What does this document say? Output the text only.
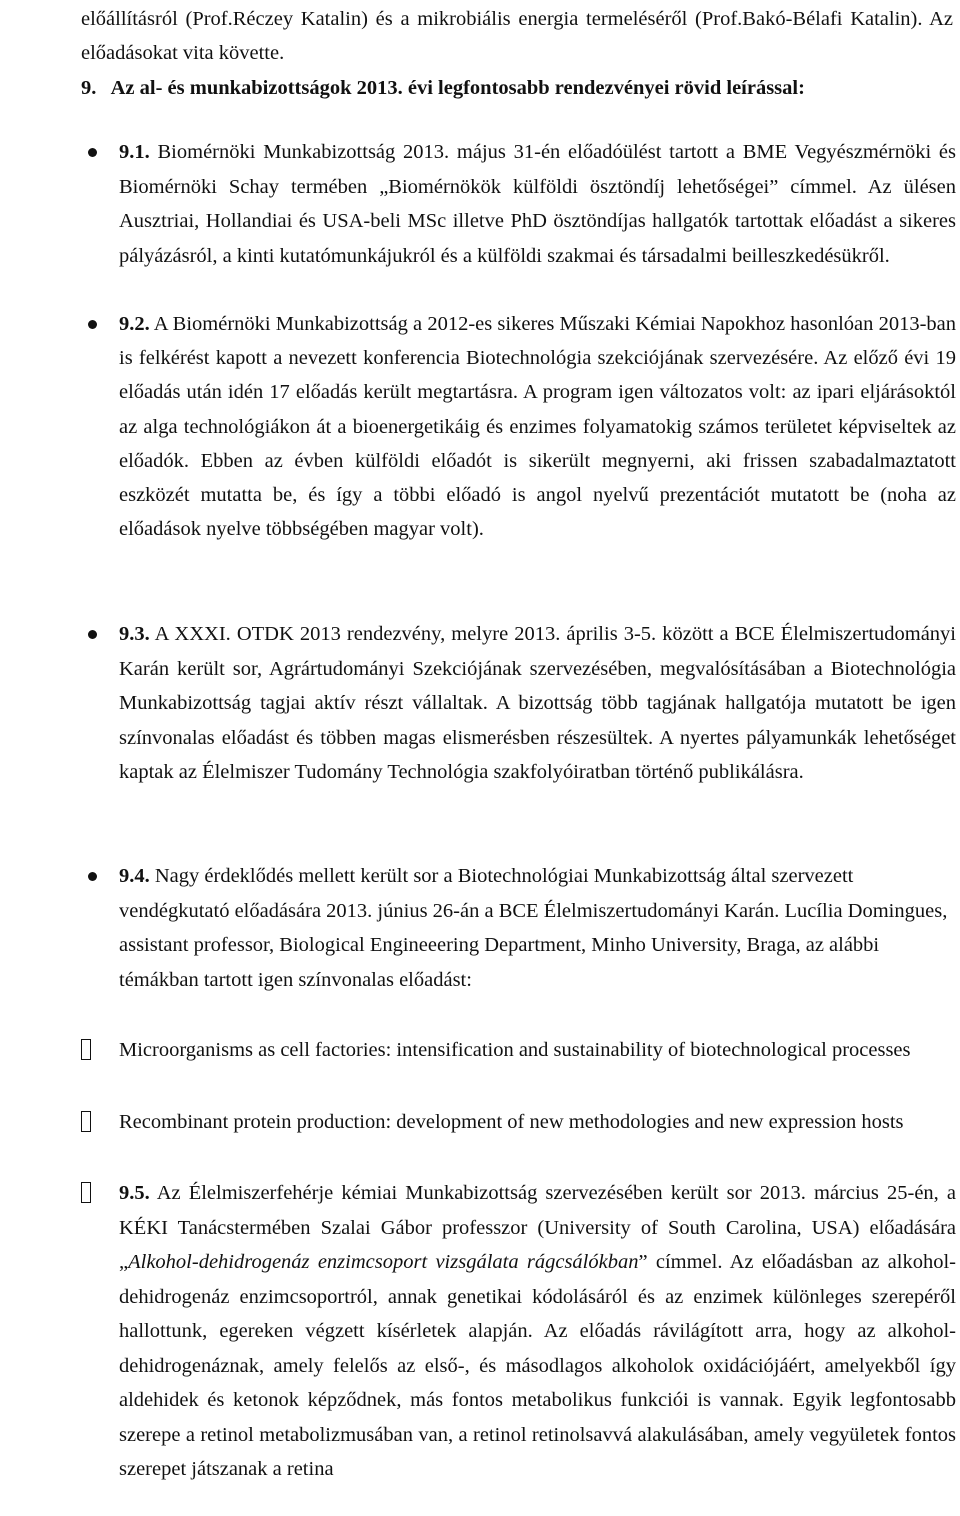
előállításról (Prof.Réczey Katalin) és a mikrobiális energia termeléséről (Prof.Bakó-Bélafi Katalin). Az előadásokat vita követte.

9.   Az al- és munkabizottságok 2013. évi legfontosabb rendezvényei rövid leírással:

9.1. Biomérnöki Munkabizottság 2013. május 31-én előadóülést tartott a BME Vegyészmérnöki és Biomérnöki Schay termében „Biomérnökök külföldi ösztöndíj lehetőségei” címmel. Az ülésen Ausztriai, Hollandiai és USA-beli MSc illetve PhD ösztöndíjas hallgatók tartottak előadást a sikeres pályázásról, a kinti kutatómunkájukról és a külföldi szakmai és társadalmi beilleszkedésükről.
9.2. A Biomérnöki Munkabizottság a 2012-es sikeres Műszaki Kémiai Napokhoz hasonlóan 2013-ban is felkérést kapott a nevezett konferencia Biotechnológia szekciójának szervezésére. Az előző évi 19 előadás után idén 17 előadás került megtartásra. A program igen változatos volt: az ipari eljárásoktól az alga technológiákon át a bioenergetikáig és enzimes folyamatokig számos területet képviseltek az előadók. Ebben az évben külföldi előadót is sikerült megnyerni, aki frissen szabadalmaztatott eszközét mutatta be, és így a többi előadó is angol nyelvű prezentációt mutatott be (noha az előadások nyelve többségében magyar volt).
9.3. A XXXI. OTDK 2013 rendezvény, melyre 2013. április 3-5. között a BCE Élelmiszertudományi Karán került sor, Agrártudományi Szekciójának szervezésében, megvalósításában a Biotechnológia Munkabizottság tagjai aktív részt vállaltak. A bizottság több tagjának hallgatója mutatott be igen színvonalas előadást és többen magas elismerésben részesültek. A nyertes pályamunkák lehetőséget kaptak az Élelmiszer Tudomány Technológia szakfolyóiratban történő publikálásra.
9.4. Nagy érdeklődés mellett került sor a Biotechnológiai Munkabizottság által szervezett vendégkutató előadására 2013. június 26-án a BCE Élelmiszertudományi Karán. Lucília Domingues, assistant professor, Biological Engineeering Department, Minho University, Braga, az alábbi témákban tartott igen színvonalas előadást:
Microorganisms as cell factories: intensification and sustainability of biotechnological processes
Recombinant protein production: development of new methodologies and new expression hosts
9.5. Az Élelmiszerfehérje kémiai Munkabizottság szervezésében került sor 2013. március 25-én, a KÉKI Tanácstermében Szalai Gábor professzor (University of South Carolina, USA) előadására „Alkohol-dehidrogenáz enzimcsoport vizsgálata rágcsálókban” címmel. Az előadásban az alkohol-dehidrogenáz enzimcsoportról, annak genetikai kódolásáról és az enzimek különleges szerepéről hallottunk, egereken végzett kísérletek alapján. Az előadás rávilágított arra, hogy az alkohol-dehidrogenáznak, amely felelős az első-, és másodlagos alkoholok oxidációjáért, amelyekből így aldehidek és ketonok képződnek, más fontos metabolikus funkciói is vannak. Egyik legfontosabb szerepe a retinol metabolizmusában van, a retinol retinolsavvá alakulásában, amely vegyületek fontos szerepet játszanak a retina
